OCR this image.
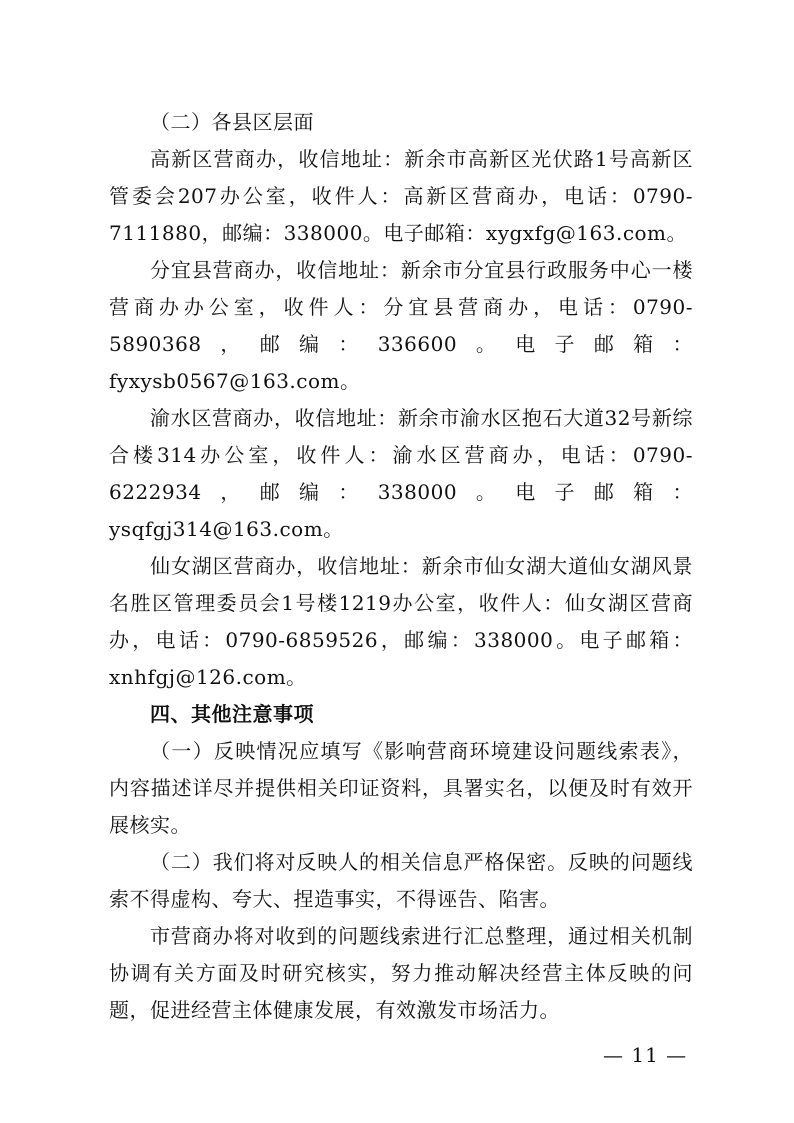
（二）各县区层面

高新区营商办，收信地址：新余市高新区光伏路1号高新区管委会207办公室，收件人：高新区营商办，电话：0790-7111880，邮编：338000。电子邮箱：xygxfg@163.com。

分宜县营商办，收信地址：新余市分宜县行政服务中心一楼营商办办公室，收件人：分宜县营商办，电话：0790-5890368，邮编：336600。电子邮箱：fyxysb0567@163.com。

渝水区营商办，收信地址：新余市渝水区抱石大道32号新综合楼314办公室，收件人：渝水区营商办，电话：0790-6222934，邮编：338000。电子邮箱：ysqfgj314@163.com。

仙女湖区营商办，收信地址：新余市仙女湖大道仙女湖风景名胜区管理委员会1号楼1219办公室，收件人：仙女湖区营商办，电话：0790-6859526，邮编：338000。电子邮箱：xnhfgj@126.com。

四、其他注意事项

（一）反映情况应填写《影响营商环境建设问题线索表》，内容描述详尽并提供相关印证资料，具署实名，以便及时有效开展核实。

（二）我们将对反映人的相关信息严格保密。反映的问题线索不得虚构、夸大、捏造事实，不得诬告、陷害。

市营商办将对收到的问题线索进行汇总整理，通过相关机制协调有关方面及时研究核实，努力推动解决经营主体反映的问题，促进经营主体健康发展，有效激发市场活力。

— 11 —
